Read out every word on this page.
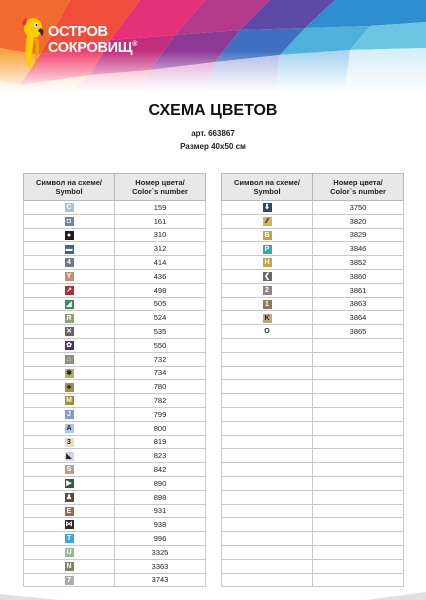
ОСТРОВ
СОКРОВИЩ®
СХЕМА ЦВЕТОВ
арт. 663867
Размер 40х50 см
Символ на схеме/
Symbol	Номер цвета/
Color`s number
C	159
◘	161
●	310
▬	312
4	414
Y	436
↗	498
◢	505
R	524
✕	535
✿	550
⌂	732
✱	734
♣	780
M	782
J	799
A	800
3	819
◣	823
S	842
▶	890
♟	898
E	931
⋈	938
T	996
U	3325
N	3363
7	3743
Символ на схеме/
Symbol	Номер цвета/
Color`s number
⬇	3750
⁄⁄	3820
B	3829
P	3846
H	3852
❮	3860
2	3861
1	3863
K	3864
O	3865
